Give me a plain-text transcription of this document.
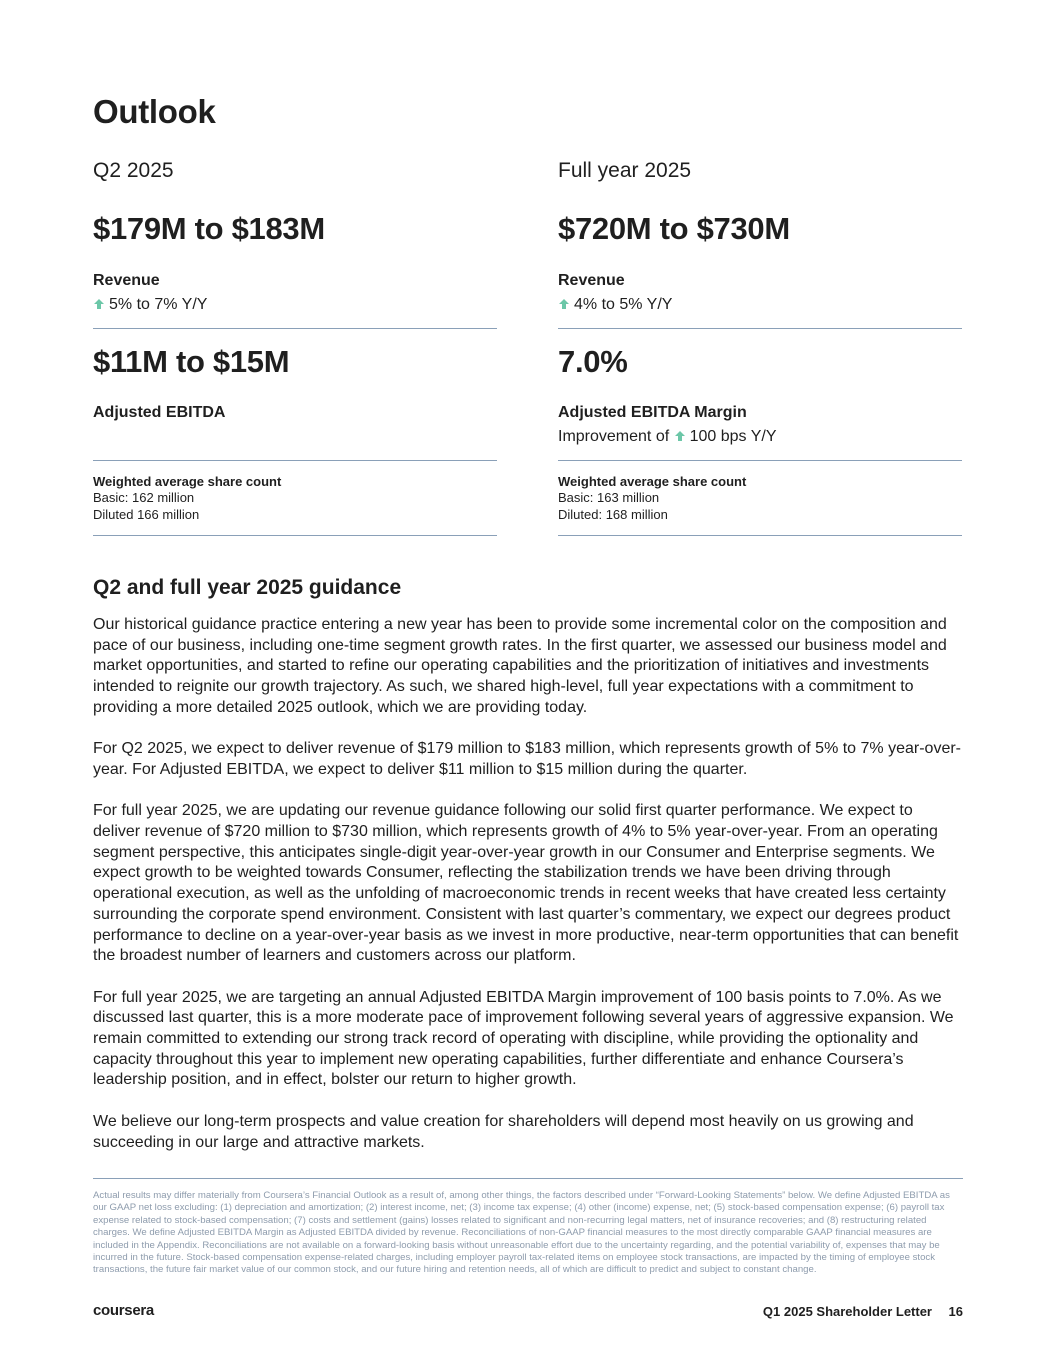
Outlook
Q2 2025
$179M to $183M
Revenue
5% to 7% Y/Y
$11M to $15M
Adjusted EBITDA
Weighted average share count
Basic: 162 million
Diluted 166 million
Full year 2025
$720M to $730M
Revenue
4% to 5% Y/Y
7.0%
Adjusted EBITDA Margin
Improvement of 100 bps Y/Y
Weighted average share count
Basic: 163 million
Diluted: 168 million
Q2 and full year 2025 guidance

Our historical guidance practice entering a new year has been to provide some incremental color on the composition and pace of our business, including one-time segment growth rates. In the first quarter, we assessed our business model and market opportunities, and started to refine our operating capabilities and the prioritization of initiatives and investments intended to reignite our growth trajectory. As such, we shared high-level, full year expectations with a commitment to providing a more detailed 2025 outlook, which we are providing today.

For Q2 2025, we expect to deliver revenue of $179 million to $183 million, which represents growth of 5% to 7% year-over-year. For Adjusted EBITDA, we expect to deliver $11 million to $15 million during the quarter.

For full year 2025, we are updating our revenue guidance following our solid first quarter performance. We expect to deliver revenue of $720 million to $730 million, which represents growth of 4% to 5% year-over-year. From an operating segment perspective, this anticipates single-digit year-over-year growth in our Consumer and Enterprise segments. We expect growth to be weighted towards Consumer, reflecting the stabilization trends we have been driving through operational execution, as well as the unfolding of macroeconomic trends in recent weeks that have created less certainty surrounding the corporate spend environment. Consistent with last quarter’s commentary, we expect our degrees product performance to decline on a year-over-year basis as we invest in more productive, near-term opportunities that can benefit the broadest number of learners and customers across our platform.

For full year 2025, we are targeting an annual Adjusted EBITDA Margin improvement of 100 basis points to 7.0%. As we discussed last quarter, this is a more moderate pace of improvement following several years of aggressive expansion. We remain committed to extending our strong track record of operating with discipline, while providing the optionality and capacity throughout this year to implement new operating capabilities, further differentiate and enhance Coursera’s leadership position, and in effect, bolster our return to higher growth.

We believe our long-term prospects and value creation for shareholders will depend most heavily on us growing and succeeding in our large and attractive markets.

Actual results may differ materially from Coursera’s Financial Outlook as a result of, among other things, the factors described under “Forward-Looking Statements” below. We define Adjusted EBITDA as our GAAP net loss excluding: (1) depreciation and amortization; (2) interest income, net; (3) income tax expense; (4) other (income) expense, net; (5) stock-based compensation expense; (6) payroll tax expense related to stock-based compensation; (7) costs and settlement (gains) losses related to significant and non-recurring legal matters, net of insurance recoveries; and (8) restructuring related charges. We define Adjusted EBITDA Margin as Adjusted EBITDA divided by revenue. Reconciliations of non-GAAP financial measures to the most directly comparable GAAP financial measures are included in the Appendix. Reconciliations are not available on a forward-looking basis without unreasonable effort due to the uncertainty regarding, and the potential variability of, expenses that may be incurred in the future. Stock-based compensation expense-related charges, including employer payroll tax-related items on employee stock transactions, are impacted by the timing of employee stock transactions, the future fair market value of our common stock, and our future hiring and retention needs, all of which are difficult to predict and subject to constant change.

coursera	Q1 2025 Shareholder Letter 16
